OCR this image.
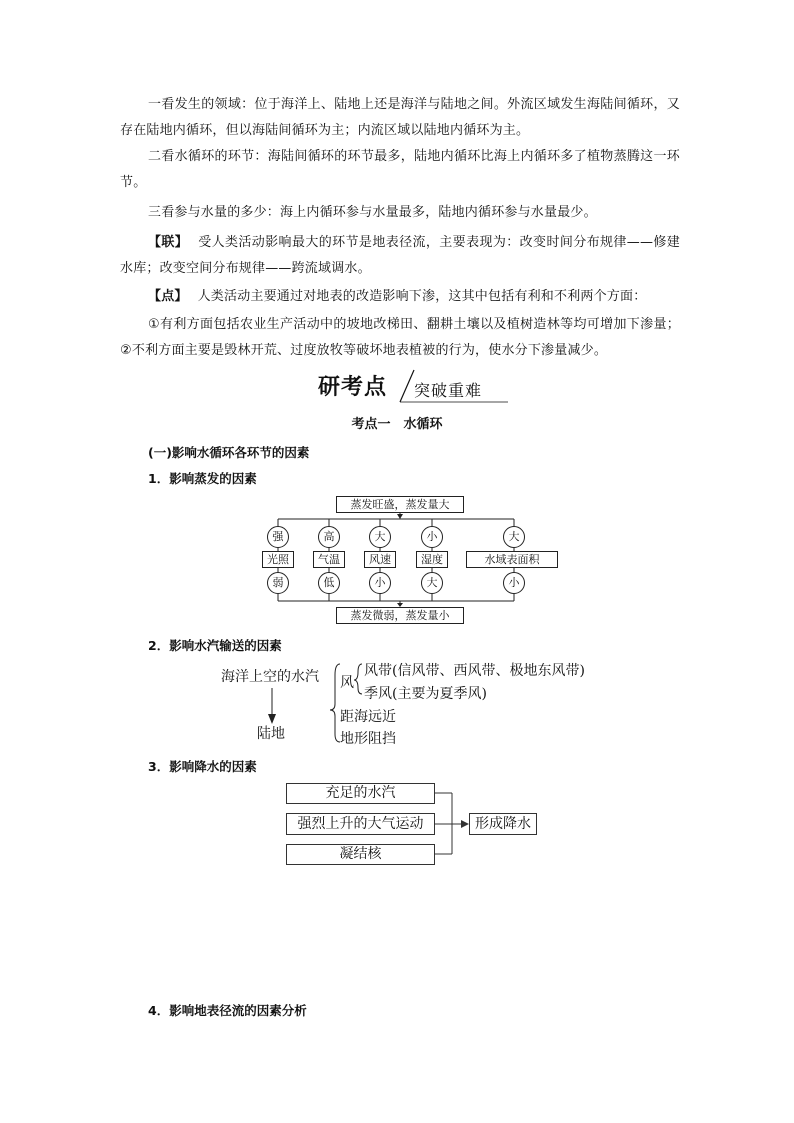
一看发生的领域：位于海洋上、陆地上还是海洋与陆地之间。外流区域发生海陆间循环，又存在陆地内循环，但以海陆间循环为主；内流区域以陆地内循环为主。
二看水循环的环节：海陆间循环的环节最多，陆地内循环比海上内循环多了植物蒸腾这一环节。
三看参与水量的多少：海上内循环参与水量最多，陆地内循环参与水量最少。
【联】 受人类活动影响最大的环节是地表径流，主要表现为：改变时间分布规律——修建水库；改变空间分布规律——跨流域调水。
【点】 人类活动主要通过对地表的改造影响下渗，这其中包括有利和不利两个方面：
①有利方面包括农业生产活动中的坡地改梯田、翻耕土壤以及植树造林等均可增加下渗量；②不利方面主要是毁林开荒、过度放牧等破坏地表植被的行为，使水分下渗量减少。
研考点 突破重难
考点一　水循环
(一)影响水循环各环节的因素
1．影响蒸发的因素
蒸发旺盛，蒸发量大
强
光照
弱
高
气温
低
大
风速
小
小
湿度
大
大
水域表面积
小
蒸发微弱，蒸发量小
2．影响水汽输送的因素
海洋上空的水汽
陆地
风
风带(信风带、西风带、极地东风带)
季风(主要为夏季风)
距海远近
地形阻挡
3．影响降水的因素
充足的水汽
强烈上升的大气运动
凝结核
形成降水
4．影响地表径流的因素分析
